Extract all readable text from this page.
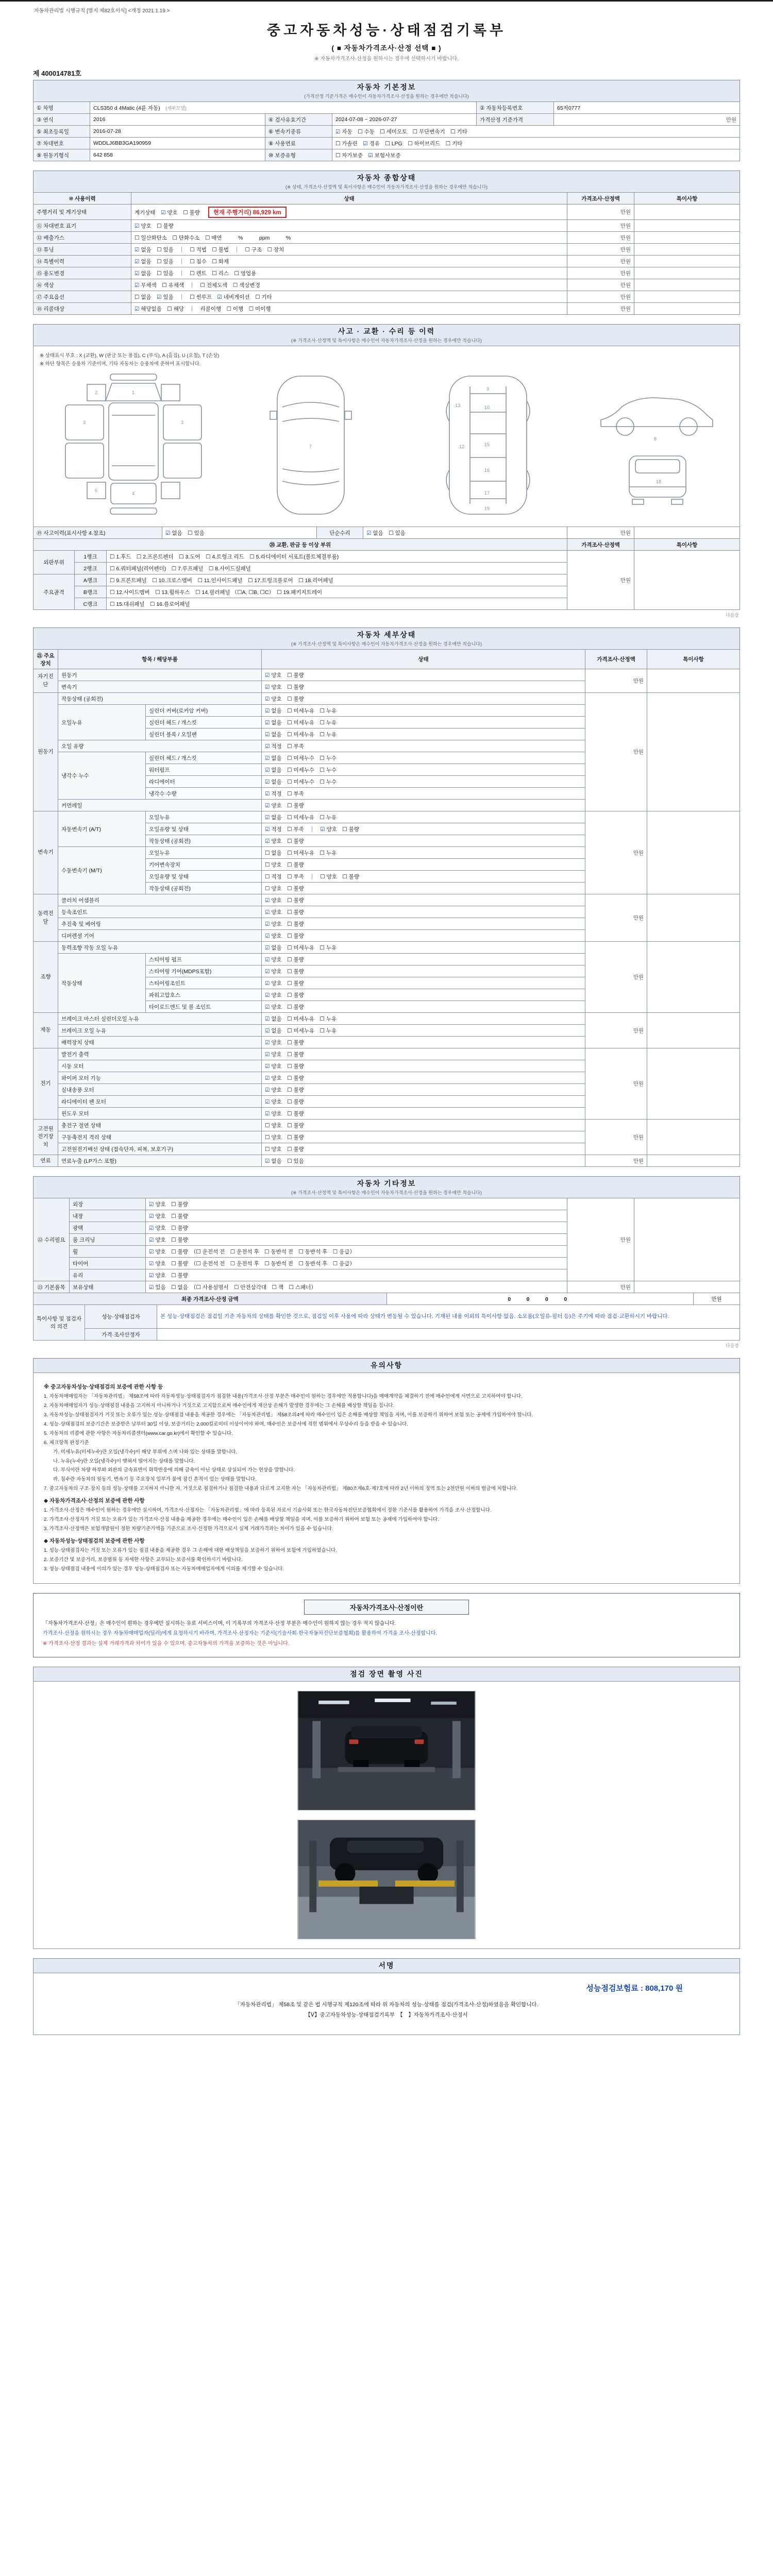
자동차관리법 시행규칙 [별지 제82호서식] <개정 2021.1.19.>
중고자동차성능·상태점검기록부
( ■ 자동차가격조사·산정 선택 ■ )
※ 자동차가격조사·산정을 원하시는 경우에 선택하시기 바랍니다.
제 400014781호
자동차 기본정보
(가격산정 기준가격은 매수인이 자동차가격조사·산정을 원하는 경우에만 적습니다)
① 차명	CLS350 d 4Matic (4륜 자동)　 (세부모델)			② 자동차등록번호	65저0777
③ 연식	2016	④ 검사유효기간	2024-07-08 ~ 2026-07-27	가격산정 기준가격	만원
⑤ 최초등록일	2016-07-28	⑥ 변속기종류	☑ 자동　☐ 수동　☐ 세미오토　☐ 무단변속기　☐ 기타		
⑦ 차대번호	WDDLJ6BB3GA190959	⑧ 사용연료	☐ 가솔린　☑ 경유　☐ LPG　☐ 하이브리드　☐ 기타		
⑨ 원동기형식	642 858	⑩ 보증유형	☐ 자가보증　☑ 보험사보증		
자동차 종합상태
(※ 상태, 가격조사·산정액 및 특이사항은 매수인이 자동차가격조사·산정을 원하는 경우에만 적습니다)
⑩ 사용이력	상태	가격조사·산정액	특이사항
주행거리 및 계기상태	계기상태　☑ 양호　☐ 불량 현재 주행거리) 86,929 km	만원	
⑪ 차대번호 표기	☑ 양호　☐ 불량	만원	
⑫ 배출가스	☐ 일산화탄소　☐ 탄화수소　☐ 매연　　　%　　　ppm　　　%	만원	
⑬ 튜닝	☑ 없음　☐ 있음　｜　☐ 적법　☐ 불법　｜　☐ 구조　☐ 장치	만원	
⑭ 특별이력	☑ 없음　☐ 있음　｜　☐ 침수　☐ 화재	만원	
⑮ 용도변경	☑ 없음　☐ 있음　｜　☐ 렌트　☐ 리스　☐ 영업용	만원	
⑯ 색상	☑ 무채색　☐ 유채색　｜　☐ 전체도색　☐ 색상변경	만원	
⑰ 주요옵션	☐ 없음　☑ 있음　｜　☐ 썬루프　☑ 네비게이션　☐ 기타	만원	
⑱ 리콜대상	☑ 해당없음　☐ 해당　｜　리콜이행　☐ 이행　☐ 미이행	만원	
사고 · 교환 · 수리 등 이력
(※ 가격조사·산정액 및 특이사항은 매수인이 자동차가격조사·산정을 원하는 경우에만 적습니다)
※ 상태표시 부호 : X (교환), W (판금 또는 용접), C (부식), A (흠집), U (요철), T (손상)
※ 하단 항목은 승용차 기준이며, 기타 자동차는 승용차에 준하여 표시합니다.
1
2
3	3
4
6
7
9
10
12
13
15
16
17
19
8
18
⑲ 사고이력(표시사항 4.참조)	☑ 없음　☐ 있음	단순수리	☑ 없음　☐ 있음	만원	
⑳ 교환, 판금 등 이상 부위			가격조사·산정액	특이사항
외판부위	1랭크	☐ 1.후드　☐ 2.프론트펜더　☐ 3.도어　☐ 4.트렁크 리드　☐ 5.라디에이터 서포트(볼트체결부품)	만원	
	2랭크	☐ 6.쿼터패널(리어펜더)　☐ 7.루프패널　☐ 8.사이드실패널		
주요골격	A랭크	☐ 9.프론트패널　☐ 10.크로스멤버　☐ 11.인사이드패널　☐ 17.트렁크플로어　☐ 18.리어패널		
	B랭크	☐ 12.사이드멤버　☐ 13.휠하우스　☐ 14.필러패널 （☐A, ☐B, ☐C）　☐ 19.패키지트레이		
	C랭크	☐ 15.대쉬패널　☐ 16.플로어패널		
다음장
자동차 세부상태
(※ 가격조사·산정액 및 특이사항은 매수인이 자동차가격조사·산정을 원하는 경우에만 적습니다)
㉑ 주요장치	항목 / 해당부품		상태	가격조사·산정액	특이사항
자기진단	원동기		☑ 양호　☐ 불량	만원	
	변속기		☑ 양호　☐ 불량		
원동기	작동상태 (공회전)		☑ 양호　☐ 불량	만원	
	오일누유	실린더 커버(로커암 커버)	☑ 없음　☐ 미세누유　☐ 누유		
		실린더 헤드 / 개스킷	☑ 없음　☐ 미세누유　☐ 누유		
		실린더 블록 / 오일팬	☑ 없음　☐ 미세누유　☐ 누유		
	오일 유량		☑ 적정　☐ 부족		
	냉각수 누수	실린더 헤드 / 개스킷	☑ 없음　☐ 미세누수　☐ 누수		
		워터펌프	☑ 없음　☐ 미세누수　☐ 누수		
		라디에이터	☑ 없음　☐ 미세누수　☐ 누수		
		냉각수 수량	☑ 적정　☐ 부족		
	커먼레일		☑ 양호　☐ 불량		
변속기	자동변속기 (A/T)	오일누유	☑ 없음　☐ 미세누유　☐ 누유	만원	
		오일유량 및 상태	☑ 적정　☐ 부족　｜　☑ 양호　☐ 불량		
		작동상태 (공회전)	☑ 양호　☐ 불량		
	수동변속기 (M/T)	오일누유	☐ 없음　☐ 미세누유　☐ 누유		
		기어변속장치	☐ 양호　☐ 불량		
		오일유량 및 상태	☐ 적정　☐ 부족　｜　☐ 양호　☐ 불량		
		작동상태 (공회전)	☐ 양호　☐ 불량		
동력전달	클러치 어셈블리		☑ 양호　☐ 불량	만원	
	등속조인트		☑ 양호　☐ 불량		
	추진축 및 베어링		☑ 양호　☐ 불량		
	디퍼렌셜 기어		☑ 양호　☐ 불량		
조향	동력조향 작동 오일 누유		☑ 없음　☐ 미세누유　☐ 누유	만원	
	작동상태	스티어링 펌프	☑ 양호　☐ 불량		
		스티어링 기어(MDPS포함)	☑ 양호　☐ 불량		
		스티어링조인트	☑ 양호　☐ 불량		
		파워고압호스	☑ 양호　☐ 불량		
		타이로드엔드 및 볼 조인트	☑ 양호　☐ 불량		
제동	브레이크 마스터 실린더오일 누유		☑ 없음　☐ 미세누유　☐ 누유	만원	
	브레이크 오일 누유		☑ 없음　☐ 미세누유　☐ 누유		
	배력장치 상태		☑ 양호　☐ 불량		
전기	발전기 출력		☑ 양호　☐ 불량	만원	
	시동 모터		☑ 양호　☐ 불량		
	와이퍼 모터 기능		☑ 양호　☐ 불량		
	실내송풍 모터		☑ 양호　☐ 불량		
	라디에이터 팬 모터		☑ 양호　☐ 불량		
	윈도우 모터		☑ 양호　☐ 불량		
고전원전기장치	충전구 절연 상태		☐ 양호　☐ 불량	만원	
	구동축전지 격리 상태		☐ 양호　☐ 불량		
	고전원전기배선 상태 (접속단자, 피복, 보호기구)		☐ 양호　☐ 불량		
연료	연료누출 (LP가스 포함)		☑ 없음　☐ 있음	만원	
자동차 기타정보
(※ 가격조사·산정액 및 특이사항은 매수인이 자동차가격조사·산정을 원하는 경우에만 적습니다)
㉒ 수리필요	외장	☑ 양호　☐ 불량	만원	
	내장	☑ 양호　☐ 불량		
	광택	☑ 양호　☐ 불량		
	룸 크리닝	☑ 양호　☐ 불량		
	휠	☑ 양호　☐ 불량　（☐ 운전석 전　☐ 운전석 후　☐ 동반석 전　☐ 동반석 후　☐ 응급）		
	타이어	☑ 양호　☐ 불량　（☐ 운전석 전　☐ 운전석 후　☐ 동반석 전　☐ 동반석 후　☐ 응급）		
	유리	☑ 양호　☐ 불량		
㉓ 기본품목	보유상태	☑ 있음　☐ 없음　（☐ 사용설명서　☐ 안전삼각대　☐ 잭　☐ 스패너）	만원	
최종 가격조사·산정 금액	0　0　0　0	만원
특이사항 및 점검자의 의견	성능·상태점검자	본 성능·상태점검은 점검일 기준 자동차의 상태를 확인한 것으로, 점검일 이후 사용에 따라 상태가 변동될 수 있습니다. 기재된 내용 이외의 특이사항 없음. 소모품(오일류·필터 등)은 주기에 따라 점검·교환하시기 바랍니다.
	가격·조사산정자	
다음장
유의사항

※ 중고자동차성능·상태점검의 보증에 관한 사항 등

1. 자동차매매업자는 「자동차관리법」 제58조에 따라 자동차성능·상태점검자가 점검한 내용(가격조사·산정 부분은 매수인이 원하는 경우에만 적용합니다)을 매매계약을 체결하기 전에 매수인에게 서면으로 고지하여야 합니다.

2. 자동차매매업자가 성능·상태점검 내용을 고지하지 아니하거나 거짓으로 고지함으로써 매수인에게 재산상 손해가 발생한 경우에는 그 손해를 배상할 책임을 집니다.

3. 자동차성능·상태점검자가 거짓 또는 오류가 있는 성능·상태점검 내용을 제공한 경우에는 「자동차관리법」 제58조의4에 따라 매수인이 입은 손해를 배상할 책임을 지며, 이를 보증하기 위하여 보험 또는 공제에 가입하여야 합니다.

4. 성능·상태점검의 보증기간은 보증받은 날부터 30일 이상, 보증거리는 2,000킬로미터 이상이어야 하며, 매수인은 보증서에 적힌 범위에서 무상수리 등을 받을 수 있습니다.

5. 자동차의 리콜에 관한 사항은 자동차리콜센터(www.car.go.kr)에서 확인할 수 있습니다.

6. 체크항목 판정기준

가. 미세누유(미세누수)란 오일(냉각수)이 해당 부위에 스며 나와 있는 상태를 말합니다.

나. 누유(누수)란 오일(냉각수)이 맺혀서 떨어지는 상태를 말합니다.

다. 부식이란 차량 하부와 외판의 금속표면이 화학반응에 의해 금속이 아닌 상태로 상실되어 가는 현상을 말합니다.

라. 침수란 자동차의 원동기, 변속기 등 주요장치 일부가 물에 잠긴 흔적이 있는 상태를 말합니다.

7. 중고자동차의 구조·장치 등의 성능·상태를 고지하지 아니한 자, 거짓으로 점검하거나 점검한 내용과 다르게 고지한 자는 「자동차관리법」 제80조제6호·제7호에 따라 2년 이하의 징역 또는 2천만원 이하의 벌금에 처합니다.

◆ 자동차가격조사·산정의 보증에 관한 사항

1. 가격조사·산정은 매수인이 원하는 경우에만 실시하며, 가격조사·산정자는 「자동차관리법」에 따라 등록된 자로서 기술사회 또는 한국자동차진단보증협회에서 정한 기준서를 활용하여 가격을 조사·산정합니다.

2. 가격조사·산정자가 거짓 또는 오류가 있는 가격조사·산정 내용을 제공한 경우에는 매수인이 입은 손해를 배상할 책임을 지며, 이를 보증하기 위하여 보험 또는 공제에 가입하여야 합니다.

3. 가격조사·산정액은 보험개발원이 정한 차량기준가액을 기준으로 조사·산정한 가격으로서 실제 거래가격과는 차이가 있을 수 있습니다.

◆ 자동차성능·상태점검의 보증에 관한 사항

1. 성능·상태점검자는 거짓 또는 오류가 있는 점검 내용을 제공한 경우 그 손해에 대한 배상책임을 보증하기 위하여 보험에 가입하였습니다.

2. 보증기간 및 보증거리, 보증범위 등 자세한 사항은 교부되는 보증서를 확인하시기 바랍니다.

3. 성능·상태점검 내용에 이의가 있는 경우 성능·상태점검자 또는 자동차매매업자에게 이의를 제기할 수 있습니다.

자동차가격조사·산정이란

「자동차가격조사·산정」은 매수인이 원하는 경우에만 실시하는 유료 서비스이며, 이 기록부의 가격조사·산정 부분은 매수인이 원하지 않는 경우 적지 않습니다.

가격조사·산정을 원하시는 경우 자동차매매업자(딜러)에게 요청하시기 바라며, 가격조사·산정자는 기준서(기술사회·한국자동차진단보증협회)를 활용하여 가격을 조사·산정합니다.

※ 가격조사·산정 결과는 실제 거래가격과 차이가 있을 수 있으며, 중고자동차의 가격을 보증하는 것은 아닙니다.

점검 장면 촬영 사진
서명
성능점검보험료 : 808,170 원
「자동차관리법」 제58조 및 같은 법 시행규칙 제120조에 따라 위 자동차의 성능·상태를 점검(가격조사·산정)하였음을 확인합니다.
【Ⅴ】중고자동차성능·상태점검기록부　【　】자동차가격조사·산정서
